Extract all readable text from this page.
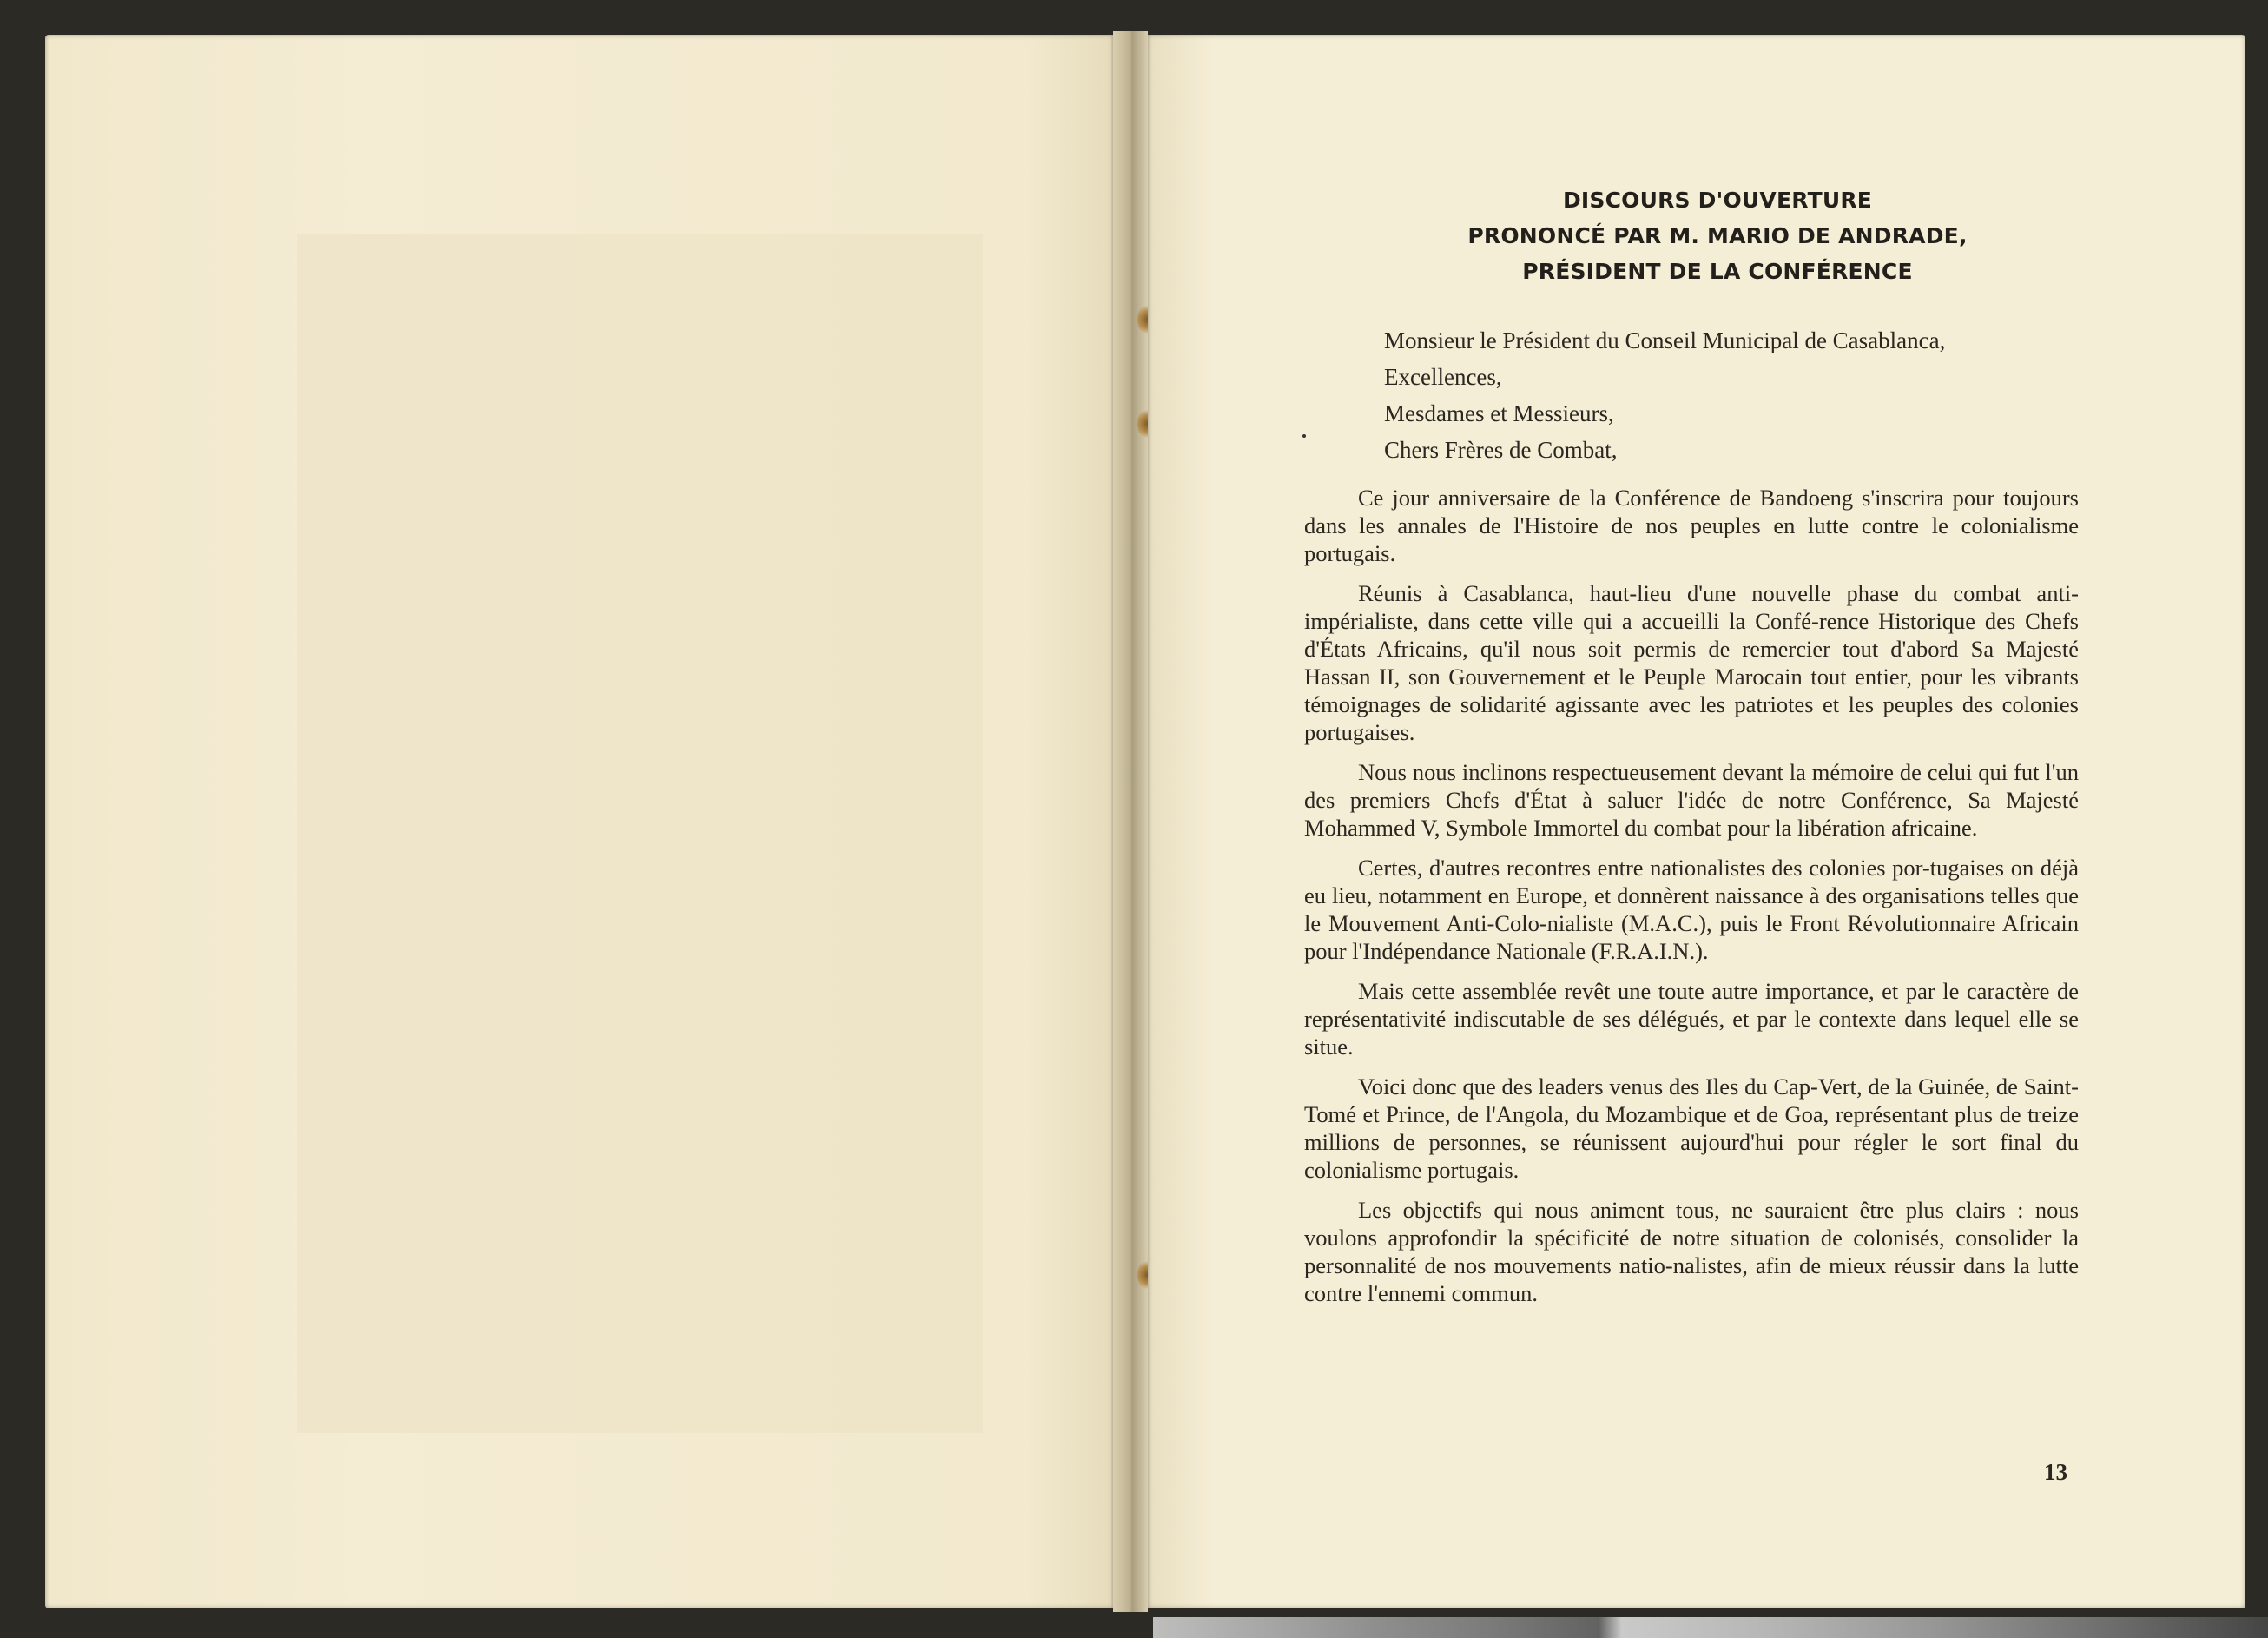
DISCOURS D'OUVERTURE
PRONONCÉ PAR M. MARIO DE ANDRADE,
PRÉSIDENT DE LA CONFÉRENCE
Monsieur le Président du Conseil Municipal de Casablanca,
Excellences,
Mesdames et Messieurs,
Chers Frères de Combat,

Ce jour anniversaire de la Conférence de Bandoeng s'inscrira pour toujours dans les annales de l'Histoire de nos peuples en lutte contre le colonialisme portugais.

Réunis à Casablanca, haut-lieu d'une nouvelle phase du combat anti-impérialiste, dans cette ville qui a accueilli la Confé-rence Historique des Chefs d'États Africains, qu'il nous soit permis de remercier tout d'abord Sa Majesté Hassan II, son Gouvernement et le Peuple Marocain tout entier, pour les vibrants témoignages de solidarité agissante avec les patriotes et les peuples des colonies portugaises.

Nous nous inclinons respectueusement devant la mémoire de celui qui fut l'un des premiers Chefs d'État à saluer l'idée de notre Conférence, Sa Majesté Mohammed V, Symbole Immortel du combat pour la libération africaine.

Certes, d'autres recontres entre nationalistes des colonies por-tugaises on déjà eu lieu, notamment en Europe, et donnèrent naissance à des organisations telles que le Mouvement Anti-Colo-nialiste (M.A.C.), puis le Front Révolutionnaire Africain pour l'Indépendance Nationale (F.R.A.I.N.).

Mais cette assemblée revêt une toute autre importance, et par le caractère de représentativité indiscutable de ses délégués, et par le contexte dans lequel elle se situe.

Voici donc que des leaders venus des Iles du Cap-Vert, de la Guinée, de Saint-Tomé et Prince, de l'Angola, du Mozambique et de Goa, représentant plus de treize millions de personnes, se réunissent aujourd'hui pour régler le sort final du colonialisme portugais.

Les objectifs qui nous animent tous, ne sauraient être plus clairs : nous voulons approfondir la spécificité de notre situation de colonisés, consolider la personnalité de nos mouvements natio-nalistes, afin de mieux réussir dans la lutte contre l'ennemi commun.

13
